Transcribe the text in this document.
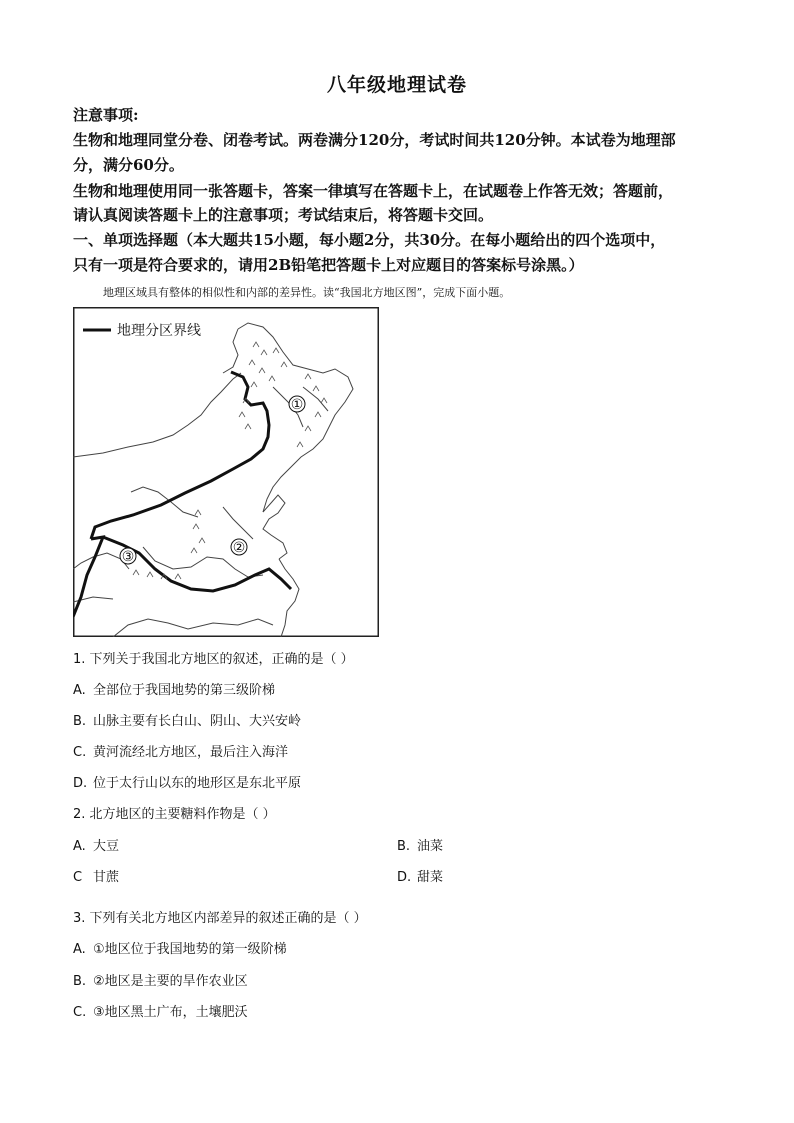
八年级地理试卷
注意事项:
生物和地理同堂分卷、闭卷考试。两卷满分120分，考试时间共120分钟。本试卷为地理部
分，满分60分。
生物和地理使用同一张答题卡，答案一律填写在答题卡上，在试题卷上作答无效；答题前，
请认真阅读答题卡上的注意事项；考试结束后，将答题卡交回。
一、单项选择题（本大题共15小题，每小题2分，共30分。在每小题给出的四个选项中，
只有一项是符合要求的，请用2B铅笔把答题卡上对应题目的答案标号涂黑。）
地理区域具有整体的相似性和内部的差异性。读“我国北方地区图”，完成下面小题。
地理分区界线
①
②
③
1. 下列关于我国北方地区的叙述，正确的是（ ）
A. 全部位于我国地势的第三级阶梯
B. 山脉主要有长白山、阴山、大兴安岭
C. 黄河流经北方地区，最后注入海洋
D. 位于太行山以东的地形区是东北平原
2. 北方地区的主要糖料作物是（ ）
A. 大豆	B. 油菜
C 甘蔗	D. 甜菜
3. 下列有关北方地区内部差异的叙述正确的是（ ）
A. ①地区位于我国地势的第一级阶梯
B. ②地区是主要的旱作农业区
C. ③地区黑土广布，土壤肥沃
